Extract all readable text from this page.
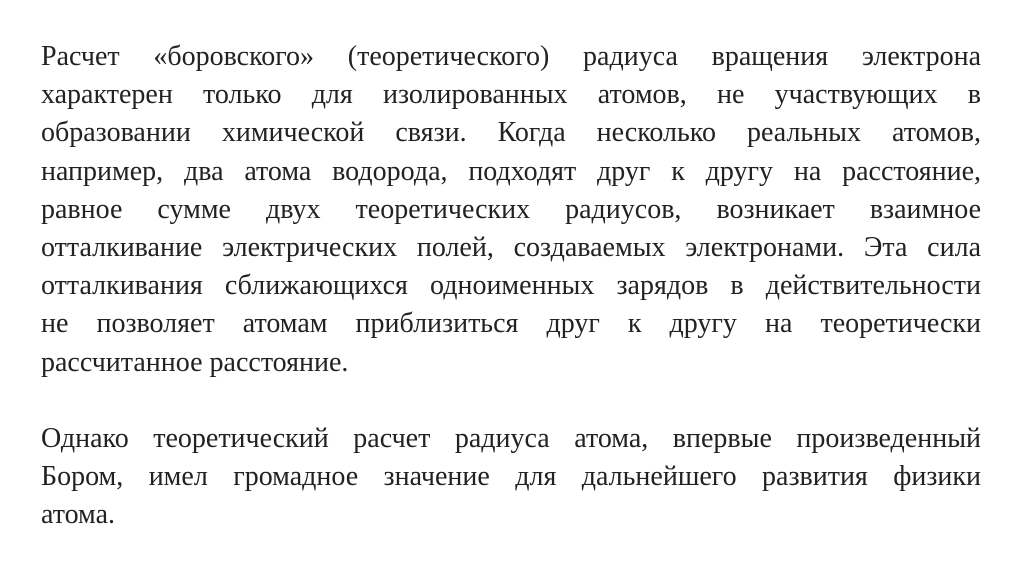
Расчет «боровского» (теоретического) радиуса вращения электрона
характерен только для изолированных атомов, не участвующих в
образовании химической связи. Когда несколько реальных атомов,
например, два атома водорода, подходят друг к другу на расстояние,
равное сумме двух теоретических радиусов, возникает взаимное
отталкивание электрических полей, создаваемых электронами. Эта сила
отталкивания сближающихся одноименных зарядов в действительности
не позволяет атомам приблизиться друг к другу на теоретически
рассчитанное расстояние.

Однако теоретический расчет радиуса атома, впервые произведенный
Бором, имел громадное значение для дальнейшего развития физики
атома.
